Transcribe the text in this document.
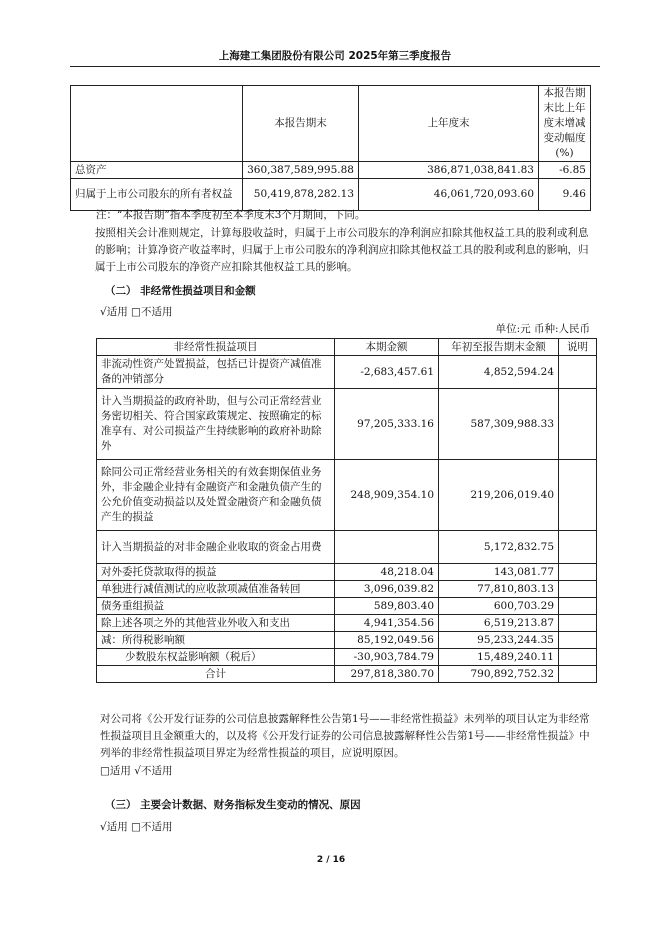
上海建工集团股份有限公司 2025年第三季度报告
	本报告期末	上年度末	本报告期末比上年度末增减变动幅度(%)
总资产	360,387,589,995.88	386,871,038,841.83	-6.85
归属于上市公司股东的所有者权益	50,419,878,282.13	46,061,720,093.60	9.46
注：“本报告期”指本季度初至本季度末3个月期间，下同。
按照相关会计准则规定，计算每股收益时，归属于上市公司股东的净利润应扣除其他权益工具的股利或利息的影响；计算净资产收益率时，归属于上市公司股东的净利润应扣除其他权益工具的股利或利息的影响，归属于上市公司股东的净资产应扣除其他权益工具的影响。
（二） 非经常性损益项目和金额
√适用 □不适用
单位:元 币种:人民币
非经常性损益项目	本期金额	年初至报告期末金额	说明
非流动性资产处置损益，包括已计提资产减值准备的冲销部分	-2,683,457.61	4,852,594.24	
计入当期损益的政府补助，但与公司正常经营业务密切相关、符合国家政策规定、按照确定的标准享有、对公司损益产生持续影响的政府补助除外	97,205,333.16	587,309,988.33	
除同公司正常经营业务相关的有效套期保值业务外，非金融企业持有金融资产和金融负债产生的公允价值变动损益以及处置金融资产和金融负债产生的损益	248,909,354.10	219,206,019.40	
计入当期损益的对非金融企业收取的资金占用费		5,172,832.75	
对外委托贷款取得的损益	48,218.04	143,081.77	
单独进行减值测试的应收款项减值准备转回	3,096,039.82	77,810,803.13	
债务重组损益	589,803.40	600,703.29	
除上述各项之外的其他营业外收入和支出	4,941,354.56	6,519,213.87	
减：所得税影响额	85,192,049.56	95,233,244.35	
少数股东权益影响额（税后）	-30,903,784.79	15,489,240.11	
合计	297,818,380.70	790,892,752.32	
对公司将《公开发行证券的公司信息披露解释性公告第1号——非经常性损益》未列举的项目认定为非经常性损益项目且金额重大的，以及将《公开发行证券的公司信息披露解释性公告第1号——非经常性损益》中列举的非经常性损益项目界定为经常性损益的项目，应说明原因。
□适用 √不适用
（三） 主要会计数据、财务指标发生变动的情况、原因
√适用 □不适用
2 / 16
